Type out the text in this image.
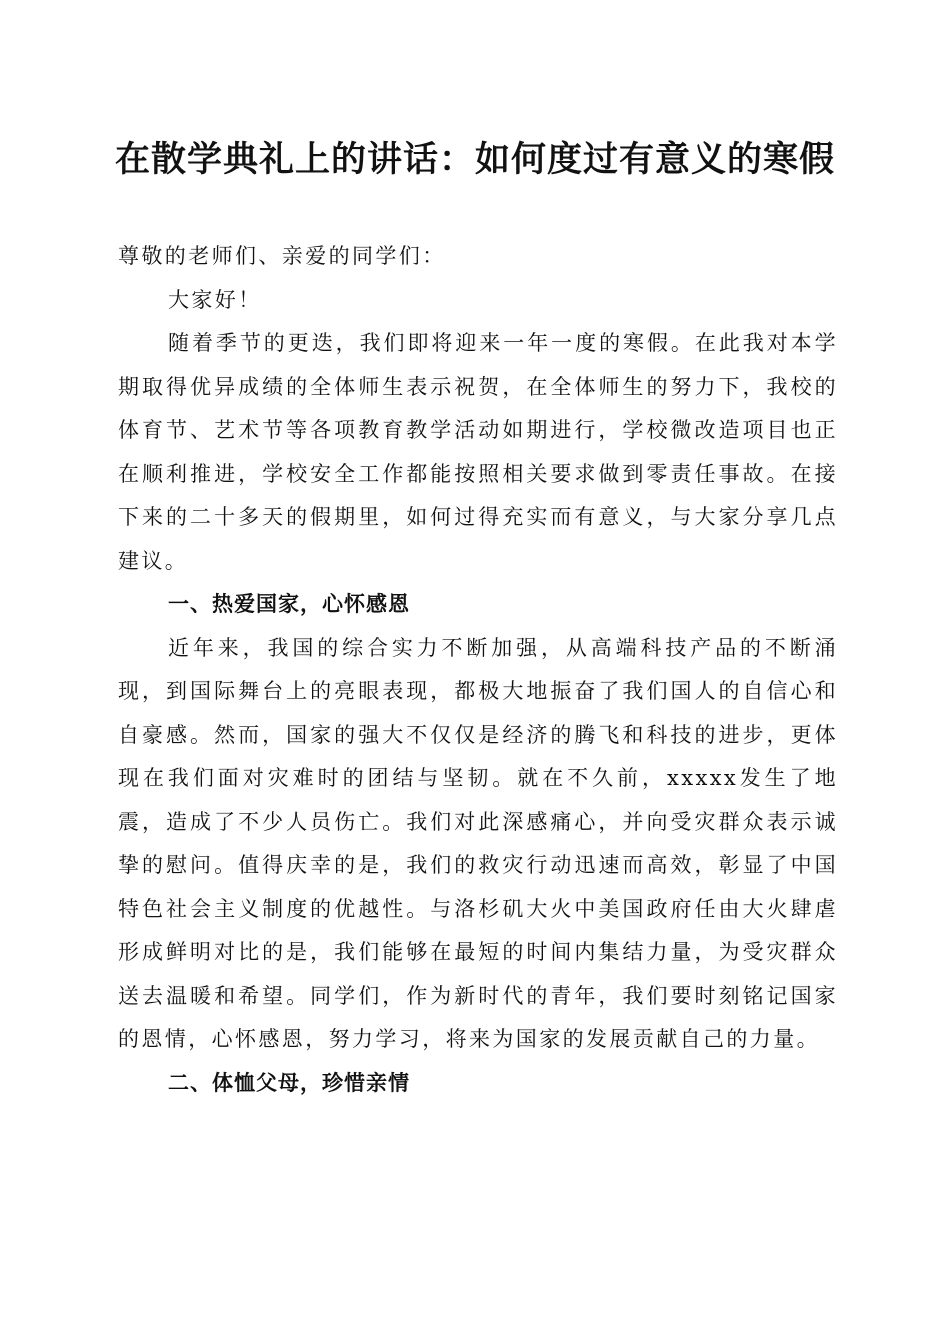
在散学典礼上的讲话：如何度过有意义的寒假

尊敬的老师们、亲爱的同学们：

大家好！

随着季节的更迭，我们即将迎来一年一度的寒假。在此我对本学期取得优异成绩的全体师生表示祝贺，在全体师生的努力下，我校的体育节、艺术节等各项教育教学活动如期进行，学校微改造项目也正在顺利推进，学校安全工作都能按照相关要求做到零责任事故。在接下来的二十多天的假期里，如何过得充实而有意义，与大家分享几点建议。

一、热爱国家，心怀感恩

近年来，我国的综合实力不断加强，从高端科技产品的不断涌现，到国际舞台上的亮眼表现，都极大地振奋了我们国人的自信心和自豪感。然而，国家的强大不仅仅是经济的腾飞和科技的进步，更体现在我们面对灾难时的团结与坚韧。就在不久前，xxxxx发生了地震，造成了不少人员伤亡。我们对此深感痛心，并向受灾群众表示诚挚的慰问。值得庆幸的是，我们的救灾行动迅速而高效，彰显了中国特色社会主义制度的优越性。与洛杉矶大火中美国政府任由大火肆虐形成鲜明对比的是，我们能够在最短的时间内集结力量，为受灾群众送去温暖和希望。同学们，作为新时代的青年，我们要时刻铭记国家的恩情，心怀感恩，努力学习，将来为国家的发展贡献自己的力量。

二、体恤父母，珍惜亲情
